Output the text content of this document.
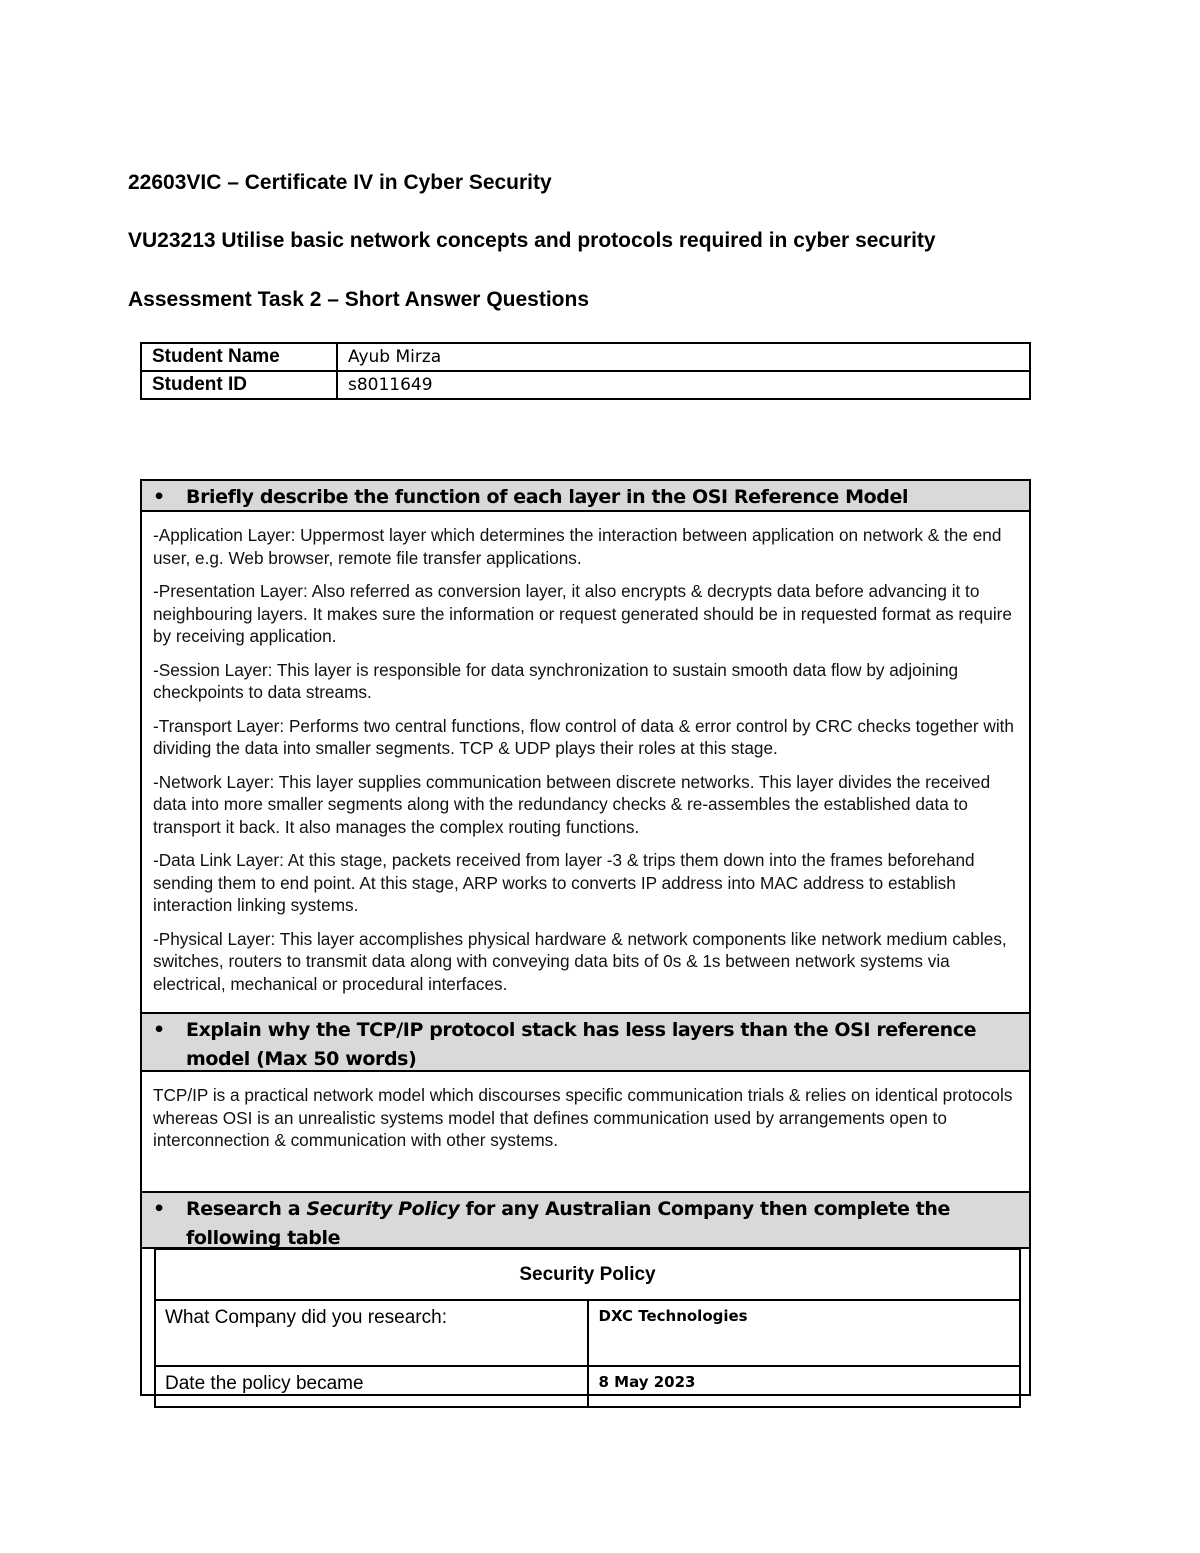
22603VIC – Certificate IV in Cyber Security
VU23213 Utilise basic network concepts and protocols required in cyber security
Assessment Task 2 – Short Answer Questions
Student Name	Ayub Mirza
Student ID	s8011649
• Briefly describe the function of each layer in the OSI Reference Model

-Application Layer: Uppermost layer which determines the interaction between application on network & the end user, e.g. Web browser, remote file transfer applications.

-Presentation Layer: Also referred as conversion layer, it also encrypts & decrypts data before advancing it to neighbouring layers. It makes sure the information or request generated should be in requested format as require by receiving application.

-Session Layer: This layer is responsible for data synchronization to sustain smooth data flow by adjoining checkpoints to data streams.

-Transport Layer: Performs two central functions, flow control of data & error control by CRC checks together with dividing the data into smaller segments. TCP & UDP plays their roles at this stage.

-Network Layer: This layer supplies communication between discrete networks. This layer divides the received data into more smaller segments along with the redundancy checks & re-assembles the established data to transport it back. It also manages the complex routing functions.

-Data Link Layer: At this stage, packets received from layer -3 & trips them down into the frames beforehand sending them to end point. At this stage, ARP works to converts IP address into MAC address to establish interaction linking systems.

-Physical Layer: This layer accomplishes physical hardware & network components like network medium cables, switches, routers to transmit data along with conveying data bits of 0s & 1s between network systems via electrical, mechanical or procedural interfaces.

• Explain why the TCP/IP protocol stack has less layers than the OSI reference model (Max 50 words)

TCP/IP is a practical network model which discourses specific communication trials & relies on identical protocols whereas OSI is an unrealistic systems model that defines communication used by arrangements open to interconnection & communication with other systems.

• Research a Security Policy for any Australian Company then complete the following table
Security Policy	
What Company did you research:	DXC Technologies
Date the policy became	8 May 2023
